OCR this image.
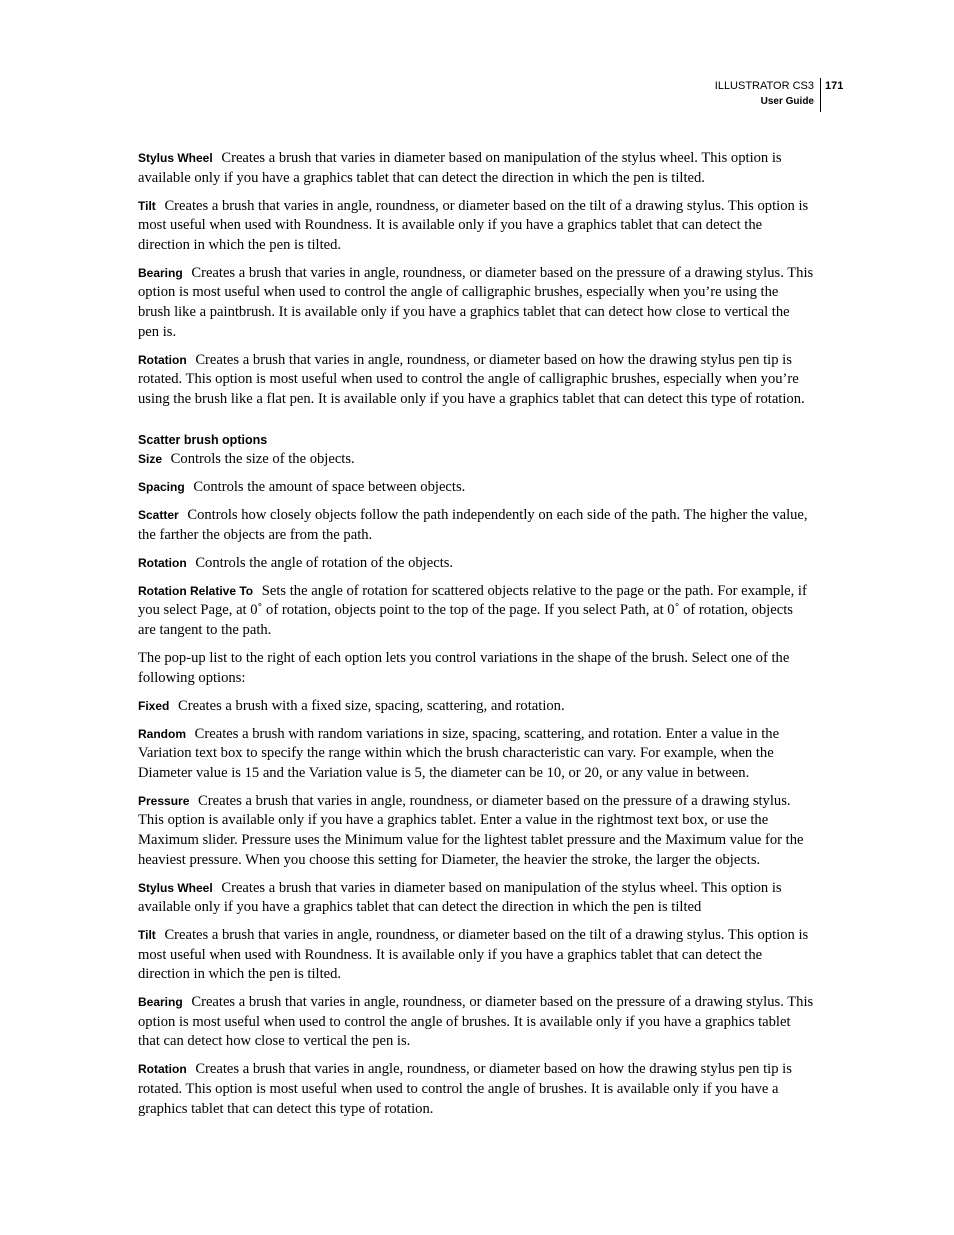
ILLUSTRATOR CS3
User Guide
171

Stylus Wheel Creates a brush that varies in diameter based on manipulation of the stylus wheel. This option is available only if you have a graphics tablet that can detect the direction in which the pen is tilted.

Tilt Creates a brush that varies in angle, roundness, or diameter based on the tilt of a drawing stylus. This option is most useful when used with Roundness. It is available only if you have a graphics tablet that can detect the direction in which the pen is tilted.

Bearing Creates a brush that varies in angle, roundness, or diameter based on the pressure of a drawing stylus. This option is most useful when used to control the angle of calligraphic brushes, especially when you’re using the brush like a paintbrush. It is available only if you have a graphics tablet that can detect how close to vertical the pen is.

Rotation Creates a brush that varies in angle, roundness, or diameter based on how the drawing stylus pen tip is rotated. This option is most useful when used to control the angle of calligraphic brushes, especially when you’re using the brush like a flat pen. It is available only if you have a graphics tablet that can detect this type of rotation.

Scatter brush options

Size Controls the size of the objects.

Spacing Controls the amount of space between objects.

Scatter Controls how closely objects follow the path independently on each side of the path. The higher the value, the farther the objects are from the path.

Rotation Controls the angle of rotation of the objects.

Rotation Relative To Sets the angle of rotation for scattered objects relative to the page or the path. For example, if you select Page, at 0˚ of rotation, objects point to the top of the page. If you select Path, at 0˚ of rotation, objects are tangent to the path.

The pop-up list to the right of each option lets you control variations in the shape of the brush. Select one of the following options:

Fixed Creates a brush with a fixed size, spacing, scattering, and rotation.

Random Creates a brush with random variations in size, spacing, scattering, and rotation. Enter a value in the Variation text box to specify the range within which the brush characteristic can vary. For example, when the Diameter value is 15 and the Variation value is 5, the diameter can be 10, or 20, or any value in between.

Pressure Creates a brush that varies in angle, roundness, or diameter based on the pressure of a drawing stylus. This option is available only if you have a graphics tablet. Enter a value in the rightmost text box, or use the Maximum slider. Pressure uses the Minimum value for the lightest tablet pressure and the Maximum value for the heaviest pressure. When you choose this setting for Diameter, the heavier the stroke, the larger the objects.

Stylus Wheel Creates a brush that varies in diameter based on manipulation of the stylus wheel. This option is available only if you have a graphics tablet that can detect the direction in which the pen is tilted

Tilt Creates a brush that varies in angle, roundness, or diameter based on the tilt of a drawing stylus. This option is most useful when used with Roundness. It is available only if you have a graphics tablet that can detect the direction in which the pen is tilted.

Bearing Creates a brush that varies in angle, roundness, or diameter based on the pressure of a drawing stylus. This option is most useful when used to control the angle of brushes. It is available only if you have a graphics tablet that can detect how close to vertical the pen is.

Rotation Creates a brush that varies in angle, roundness, or diameter based on how the drawing stylus pen tip is rotated. This option is most useful when used to control the angle of brushes. It is available only if you have a graphics tablet that can detect this type of rotation.
